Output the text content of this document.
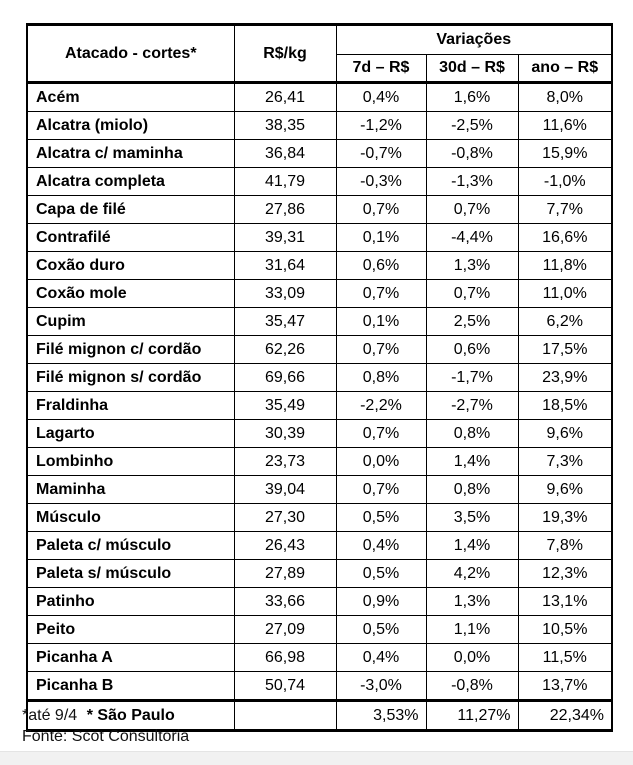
Atacado - cortes*	R$/kg	Variações		
		7d – R$	30d – R$	ano – R$
Acém	26,41	0,4%	1,6%	8,0%
Alcatra (miolo)	38,35	-1,2%	-2,5%	11,6%
Alcatra c/ maminha	36,84	-0,7%	-0,8%	15,9%
Alcatra completa	41,79	-0,3%	-1,3%	-1,0%
Capa de filé	27,86	0,7%	0,7%	7,7%
Contrafilé	39,31	0,1%	-4,4%	16,6%
Coxão duro	31,64	0,6%	1,3%	11,8%
Coxão mole	33,09	0,7%	0,7%	11,0%
Cupim	35,47	0,1%	2,5%	6,2%
Filé mignon c/ cordão	62,26	0,7%	0,6%	17,5%
Filé mignon s/ cordão	69,66	0,8%	-1,7%	23,9%
Fraldinha	35,49	-2,2%	-2,7%	18,5%
Lagarto	30,39	0,7%	0,8%	9,6%
Lombinho	23,73	0,0%	1,4%	7,3%
Maminha	39,04	0,7%	0,8%	9,6%
Músculo	27,30	0,5%	3,5%	19,3%
Paleta c/ músculo	26,43	0,4%	1,4%	7,8%
Paleta s/ músculo	27,89	0,5%	4,2%	12,3%
Patinho	33,66	0,9%	1,3%	13,1%
Peito	27,09	0,5%	1,1%	10,5%
Picanha A	66,98	0,4%	0,0%	11,5%
Picanha B	50,74	-3,0%	-0,8%	13,7%
* São Paulo		3,53%	11,27%	22,34%
*até 9/4
Fonte: Scot Consultoria
